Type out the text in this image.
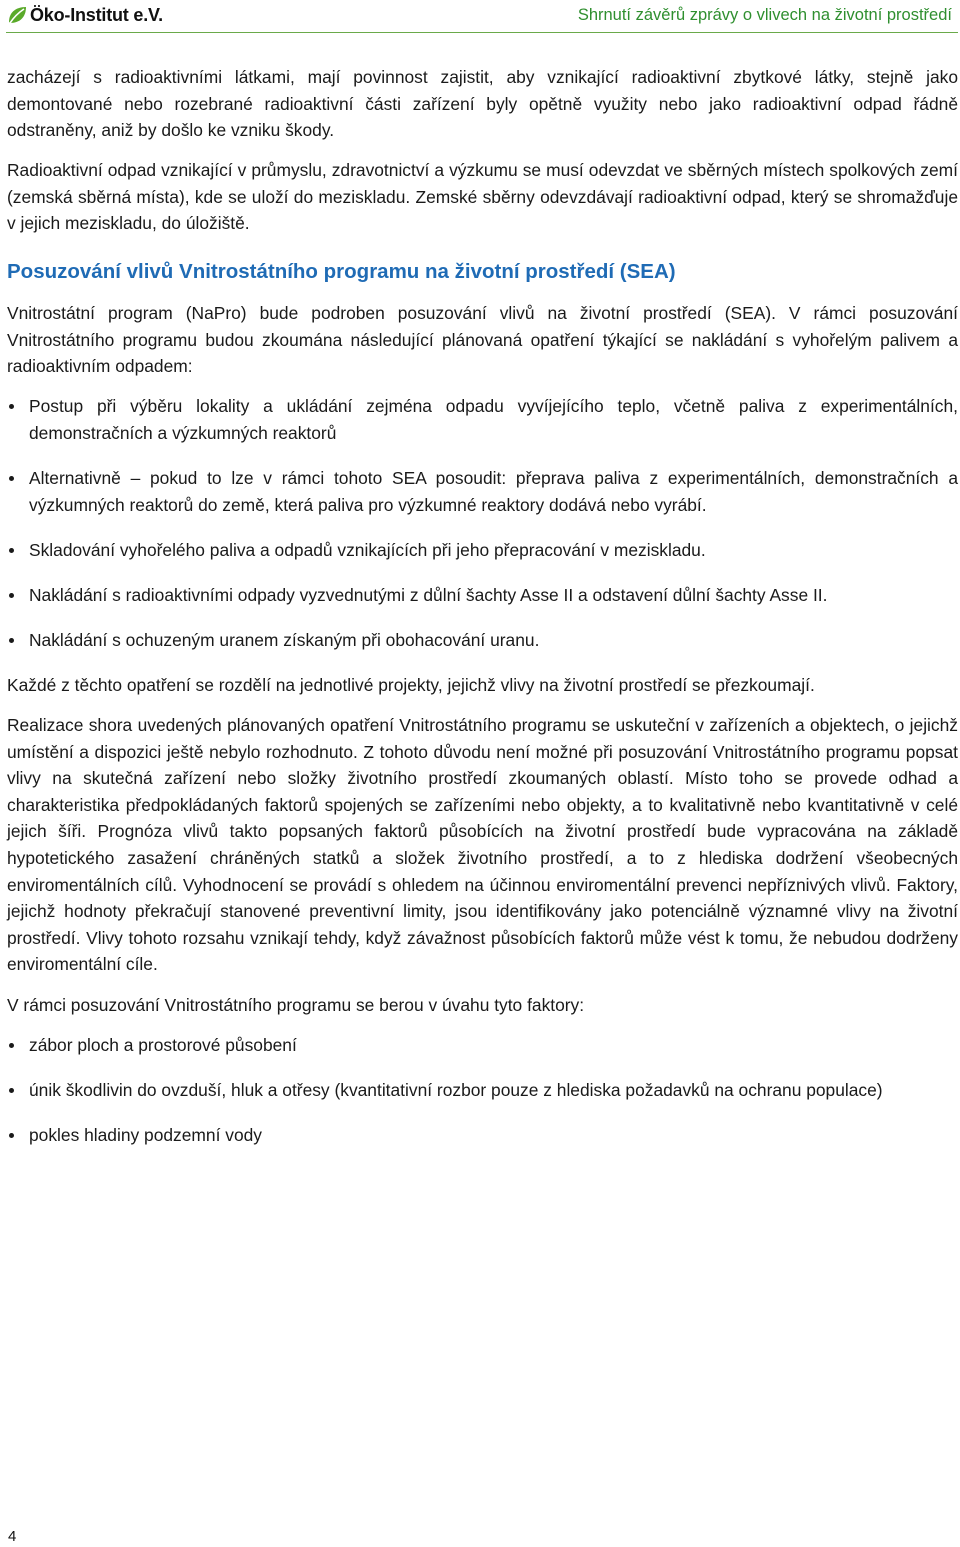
Öko-Institut e.V.	Shrnutí závěrů zprávy o vlivech na životní prostředí

zacházejí s radioaktivními látkami, mají povinnost zajistit, aby vznikající radioaktivní zbytkové látky, stejně jako demontované nebo rozebrané radioaktivní části zařízení byly opětně využity nebo jako radioaktivní odpad řádně odstraněny, aniž by došlo ke vzniku škody.

Radioaktivní odpad vznikající v průmyslu, zdravotnictví a výzkumu se musí odevzdat ve sběrných místech spolkových zemí (zemská sběrná místa), kde se uloží do meziskladu. Zemské sběrny odevzdávají radioaktivní odpad, který se shromažďuje v jejich meziskladu, do úložiště.

Posuzování vlivů Vnitrostátního programu na životní prostředí (SEA)

Vnitrostátní program (NaPro) bude podroben posuzování vlivů na životní prostředí (SEA). V rámci posuzování Vnitrostátního programu budou zkoumána následující plánovaná opatření týkající se nakládání s vyhořelým palivem a radioaktivním odpadem:

Postup při výběru lokality a ukládání zejména odpadu vyvíjejícího teplo, včetně paliva z experimentálních, demonstračních a výzkumných reaktorů
Alternativně – pokud to lze v rámci tohoto SEA posoudit: přeprava paliva z experimentálních, demonstračních a výzkumných reaktorů do země, která paliva pro výzkumné reaktory dodává nebo vyrábí.
Skladování vyhořelého paliva a odpadů vznikajících při jeho přepracování v meziskladu.
Nakládání s radioaktivními odpady vyzvednutými z důlní šachty Asse II a odstavení důlní šachty Asse II.
Nakládání s ochuzeným uranem získaným při obohacování uranu.

Každé z těchto opatření se rozdělí na jednotlivé projekty, jejichž vlivy na životní prostředí se přezkoumají.

Realizace shora uvedených plánovaných opatření Vnitrostátního programu se uskuteční v zařízeních a objektech, o jejichž umístění a dispozici ještě nebylo rozhodnuto. Z tohoto důvodu není možné při posuzování Vnitrostátního programu popsat vlivy na skutečná zařízení nebo složky životního prostředí zkoumaných oblastí. Místo toho se provede odhad a charakteristika předpokládaných faktorů spojených se zařízeními nebo objekty, a to kvalitativně nebo kvantitativně v celé jejich šíři. Prognóza vlivů takto popsaných faktorů působících na životní prostředí bude vypracována na základě hypotetického zasažení chráněných statků a složek životního prostředí, a to z hlediska dodržení všeobecných enviromentálních cílů. Vyhodnocení se provádí s ohledem na účinnou enviromentální prevenci nepříznivých vlivů. Faktory, jejichž hodnoty překračují stanovené preventivní limity, jsou identifikovány jako potenciálně významné vlivy na životní prostředí. Vlivy tohoto rozsahu vznikají tehdy, když závažnost působících faktorů může vést k tomu, že nebudou dodrženy enviromentální cíle.

V rámci posuzování Vnitrostátního programu se berou v úvahu tyto faktory:

zábor ploch a prostorové působení
únik škodlivin do ovzduší, hluk a otřesy (kvantitativní rozbor pouze z hlediska požadavků na ochranu populace)
pokles hladiny podzemní vody
4
